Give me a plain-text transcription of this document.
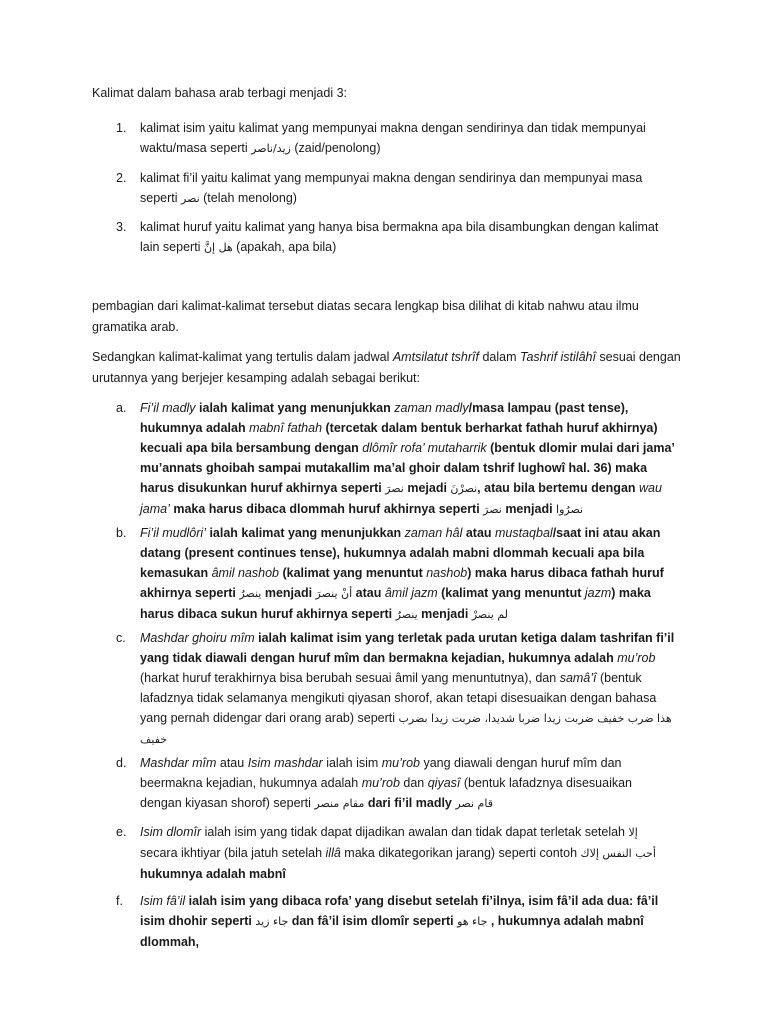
Kalimat dalam bahasa arab terbagi menjadi 3:

1. kalimat isim yaitu kalimat yang mempunyai makna dengan sendirinya dan tidak mempunyai waktu/masa seperti زيد/ناصر (zaid/penolong)
2. kalimat fi’il yaitu kalimat yang mempunyai makna dengan sendirinya dan mempunyai masa seperti نصر (telah menolong)
3. kalimat huruf yaitu kalimat yang hanya bisa bermakna apa bila disambungkan dengan kalimat lain seperti هل إنَّ (apakah, apa bila)

pembagian dari kalimat-kalimat tersebut diatas secara lengkap bisa dilihat di kitab nahwu atau ilmu gramatika arab.

Sedangkan kalimat-kalimat yang tertulis dalam jadwal Amtsilatut tshrîf dalam Tashrif istilâhî sesuai dengan urutannya yang berjejer kesamping adalah sebagai berikut:

a. Fi’il madly ialah kalimat yang menunjukkan zaman madly/masa lampau (past tense), hukumnya adalah mabnî fathah (tercetak dalam bentuk berharkat fathah huruf akhirnya) kecuali apa bila bersambung dengan dlômîr rofa’ mutaharrik (bentuk dlomir mulai dari jama’ mu’annats ghoibah sampai mutakallim ma’al ghoir dalam tshrif lughowî hal. 36) maka harus disukunkan huruf akhirnya seperti نصرَ mejadi نصرْنَ, atau bila bertemu dengan wau jama’ maka harus dibaca dlommah huruf akhirnya seperti نصرَ menjadi نصرُوا
b. Fi’il mudlôri’ ialah kalimat yang menunjukkan zaman hâl atau mustaqbal/saat ini atau akan datang (present continues tense), hukumnya adalah mabni dlommah kecuali apa bila kemasukan âmil nashob (kalimat yang menuntut nashob) maka harus dibaca fathah huruf akhirnya seperti ينصرُ menjadi أنْ ينصرَ atau âmil jazm (kalimat yang menuntut jazm) maka harus dibaca sukun huruf akhirnya seperti ينصرُ menjadi لم ينصرْ
c. Mashdar ghoiru mîm ialah kalimat isim yang terletak pada urutan ketiga dalam tashrifan fi’il yang tidak diawali dengan huruf mîm dan bermakna kejadian, hukumnya adalah mu’rob (harkat huruf terakhirnya bisa berubah sesuai âmil yang menuntutnya), dan samâ’î (bentuk lafadznya tidak selamanya mengikuti qiyasan shorof, akan tetapi disesuaikan dengan bahasa yang pernah didengar dari orang arab) seperti	هذا ضرب خفيف ضربت زيدا ضربا شديدا، ضربت زيدا بضرب خفيف
d. Mashdar mîm atau Isim mashdar ialah isim mu’rob yang diawali dengan huruf mîm dan beermakna kejadian, hukumnya adalah mu’rob dan qiyasî (bentuk lafadznya disesuaikan dengan kiyasan shorof) seperti مقام منصر dari fi’il madly قام نصر
e. Isim dlomîr ialah isim yang tidak dapat dijadikan awalan dan tidak dapat terletak setelah إلا secara ikhtiyar (bila jatuh setelah illâ maka dikategorikan jarang) seperti contoh أحب النفس إلاك hukumnya adalah mabnî
f. Isim fâ’il ialah isim yang dibaca rofa’ yang disebut setelah fi’ilnya, isim fâ’il ada dua: fâ’il isim dhohir seperti جاء زيد dan fâ’il isim dlomîr seperti جاء هو , hukumnya adalah mabnî dlommah,
